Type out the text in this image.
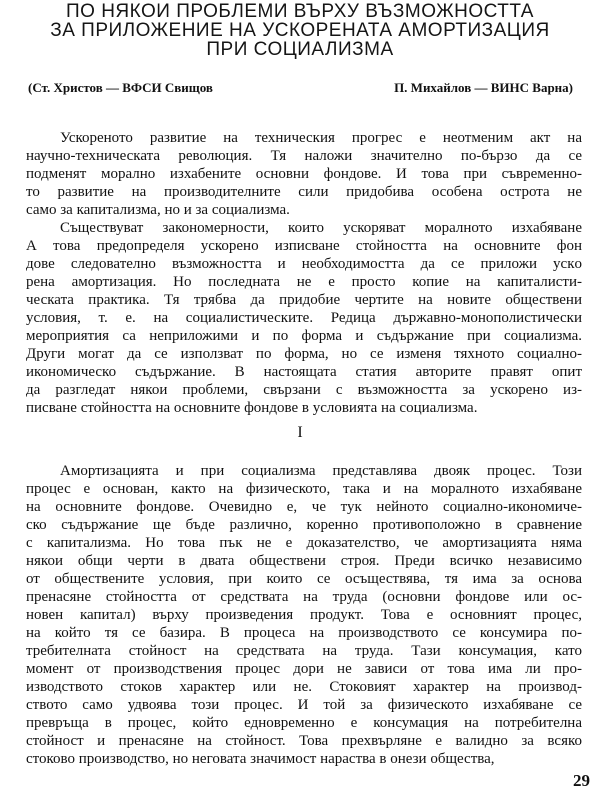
ПО НЯКОИ ПРОБЛЕМИ ВЪРХУ ВЪЗМОЖНОСТТА
ЗА ПРИЛОЖЕНИЕ НА УСКОРЕНАТА АМОРТИЗАЦИЯ
ПРИ СОЦИАЛИЗМА
(Ст. Христов — ВФСИ Свищов	П. Михайлов — ВИНС Варна)
Ускореното развитие на техническия прогрес е неотменим акт на
научно-техническата революция. Тя наложи значително по-бързо да се
подменят морално изхабените основни фондове. И това при съвременно-
то развитие на производителните сили придобива особена острота не
само за капитализма, но и за социализма.
Съществуват закономерности, които ускоряват моралното изхабяване
А това предопределя ускорено изписване стойността на основните фон
дове следователно възможността и необходимостта да се приложи ускo
рена амортизация. Но последната не е просто копие на капиталисти-
ческата практика. Тя трябва да придобие чертите на новите обществени
условия, т. е. на социалистическите. Редица държавно-монополистически
мероприятия са неприложими и по форма и съдържание при социализма.
Други могат да се използват по форма, но се изменя тяхното социално-
икономическо съдържание. В настоящата статия авторите правят опит
да разгледат някои проблеми, свързани с възможността за ускорено из-
писване стойността на основните фондове в условията на социализма.
I
Амортизацията и при социализма представлява двояк процес. Този
процес е основан, както на физическото, така и на моралното изхабяване
на основните фондове. Очевидно е, че тук нейното социално-икономиче-
ско съдържание ще бъде различно, коренно противоположно в сравнение
с капитализма. Но това пък не е доказателство, че амортизацията няма
някои общи черти в двата обществени строя. Преди всичко независимо
от обществените условия, при които се осъществява, тя има за основа
пренасяне стойността от средствата на труда (основни фондове или ос-
новен капитал) върху произведения продукт. Това е основният процес,
на който тя се базира. В процеса на производството се консумира по-
требителната стойност на средствата на труда. Тази консумация, като
момент от производствения процес дори не зависи от това има ли про-
изводството стоков характер или не. Стоковият характер на производ-
ството само удвоява този процес. И той за физическото изхабяване се
превръща в процес, който едновременно е консумация на потребителна
стойност и пренасяне на стойност. Това прехвърляне е валидно за всяко
стоково производство, но неговата значимост нараства в онези общества,
29
